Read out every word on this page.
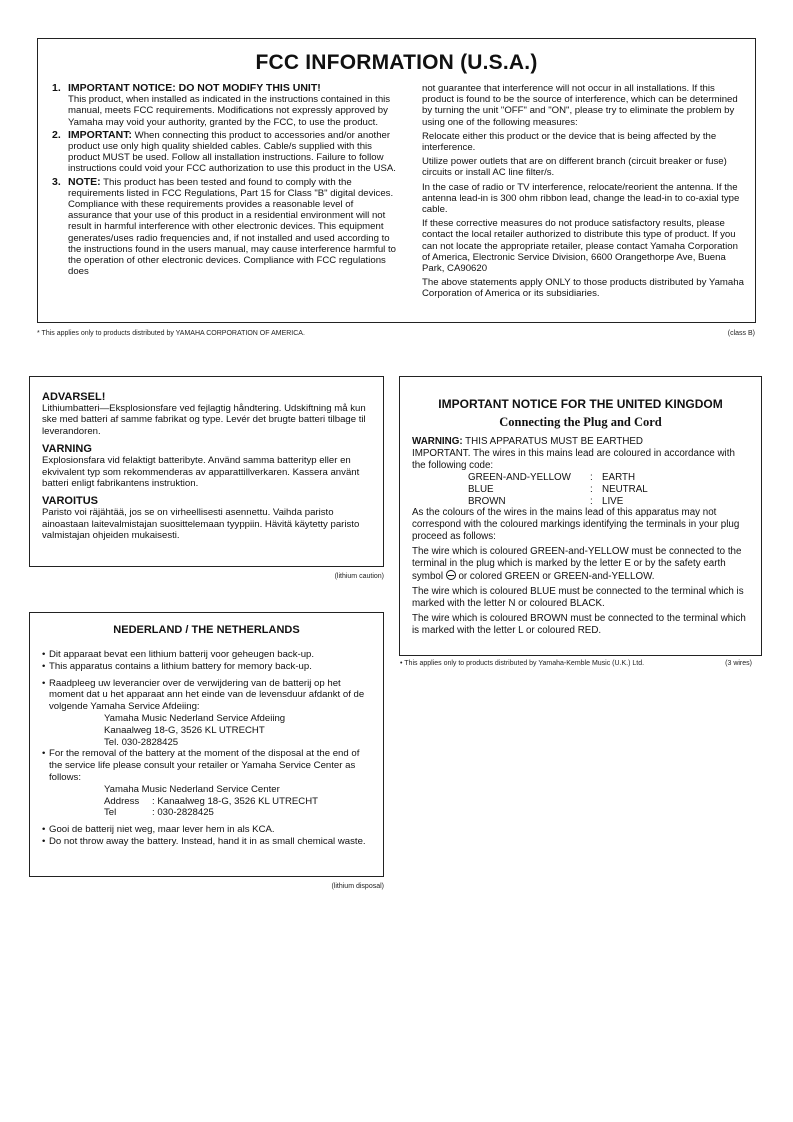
FCC INFORMATION (U.S.A.)
1. IMPORTANT NOTICE: DO NOT MODIFY THIS UNIT!
This product, when installed as indicated in the instructions contained in this manual, meets FCC requirements. Modifications not expressly approved by Yamaha may void your authority, granted by the FCC, to use the product.
2. IMPORTANT: When connecting this product to accessories and/or another product use only high quality shielded cables. Cable/s supplied with this product MUST be used. Follow all installation instructions. Failure to follow instructions could void your FCC authorization to use this product in the USA.
3. NOTE: This product has been tested and found to comply with the requirements listed in FCC Regulations, Part 15 for Class "B" digital devices. Compliance with these requirements provides a reasonable level of assurance that your use of this product in a residential environment will not result in harmful interference with other electronic devices. This equipment generates/uses radio frequencies and, if not installed and used according to the instructions found in the users manual, may cause interference harmful to the operation of other electronic devices. Compliance with FCC regulations does
not guarantee that interference will not occur in all installations. If this product is found to be the source of interference, which can be determined by turning the unit "OFF" and "ON", please try to eliminate the problem by using one of the following measures:
Relocate either this product or the device that is being affected by the interference.
Utilize power outlets that are on different branch (circuit breaker or fuse) circuits or install AC line filter/s.
In the case of radio or TV interference, relocate/reorient the antenna. If the antenna lead-in is 300 ohm ribbon lead, change the lead-in to co-axial type cable.
If these corrective measures do not produce satisfactory results, please contact the local retailer authorized to distribute this type of product. If you can not locate the appropriate retailer, please contact Yamaha Corporation of America, Electronic Service Division, 6600 Orangethorpe Ave, Buena Park, CA90620
The above statements apply ONLY to those products distributed by Yamaha Corporation of America or its subsidiaries.
* This applies only to products distributed by YAMAHA CORPORATION OF AMERICA.	(class B)
ADVARSEL!
Lithiumbatteri—Eksplosionsfare ved fejlagtig håndtering. Udskiftning må kun ske med batteri af samme fabrikat og type. Levér det brugte batteri tilbage til leverandoren.
VARNING
Explosionsfara vid felaktigt batteribyte. Använd samma batterityp eller en ekvivalent typ som rekommenderas av apparattillverkaren. Kassera använt batteri enligt fabrikantens instruktion.
VAROITUS
Paristo voi räjähtää, jos se on virheellisesti asennettu. Vaihda paristo ainoastaan laitevalmistajan suosittelemaan tyyppiin. Hävitä käytetty paristo valmistajan ohjeiden mukaisesti.
(lithium caution)
IMPORTANT NOTICE FOR THE UNITED KINGDOM
Connecting the Plug and Cord
WARNING: THIS APPARATUS MUST BE EARTHED
IMPORTANT. The wires in this mains lead are coloured in accordance with the following code:
GREEN-AND-YELLOW	: EARTH
BLUE	: NEUTRAL
BROWN	: LIVE
As the colours of the wires in the mains lead of this apparatus may not correspond with the coloured markings identifying the terminals in your plug proceed as follows:
The wire which is coloured GREEN-and-YELLOW must be connected to the terminal in the plug which is marked by the letter E or by the safety earth symbol  or colored GREEN or GREEN-and-YELLOW.
The wire which is coloured BLUE must be connected to the terminal which is marked with the letter N or coloured BLACK.
The wire which is coloured BROWN must be connected to the terminal which is marked with the letter L or coloured RED.
• This applies only to products distributed by Yamaha-Kemble Music (U.K.) Ltd.	(3 wires)
NEDERLAND / THE NETHERLANDS
• Dit apparaat bevat een lithium batterij voor geheugen back-up.
• This apparatus contains a lithium battery for memory back-up.
• Raadpleeg uw leverancier over de verwijdering van de batterij op het moment dat u het apparaat ann het einde van de levensduur afdankt of de volgende Yamaha Service Afdeiing:
Yamaha Music Nederland Service Afdeiing
Kanaalweg 18-G, 3526 KL UTRECHT
Tel. 030-2828425
• For the removal of the battery at the moment of the disposal at the end of the service life please consult your retailer or Yamaha Service Center as follows:
Yamaha Music Nederland Service Center
Address	: Kanaalweg 18-G, 3526 KL UTRECHT
Tel	: 030-2828425
• Gooi de batterij niet weg, maar lever hem in als KCA.
• Do not throw away the battery. Instead, hand it in as small chemical waste.
(lithium disposal)
